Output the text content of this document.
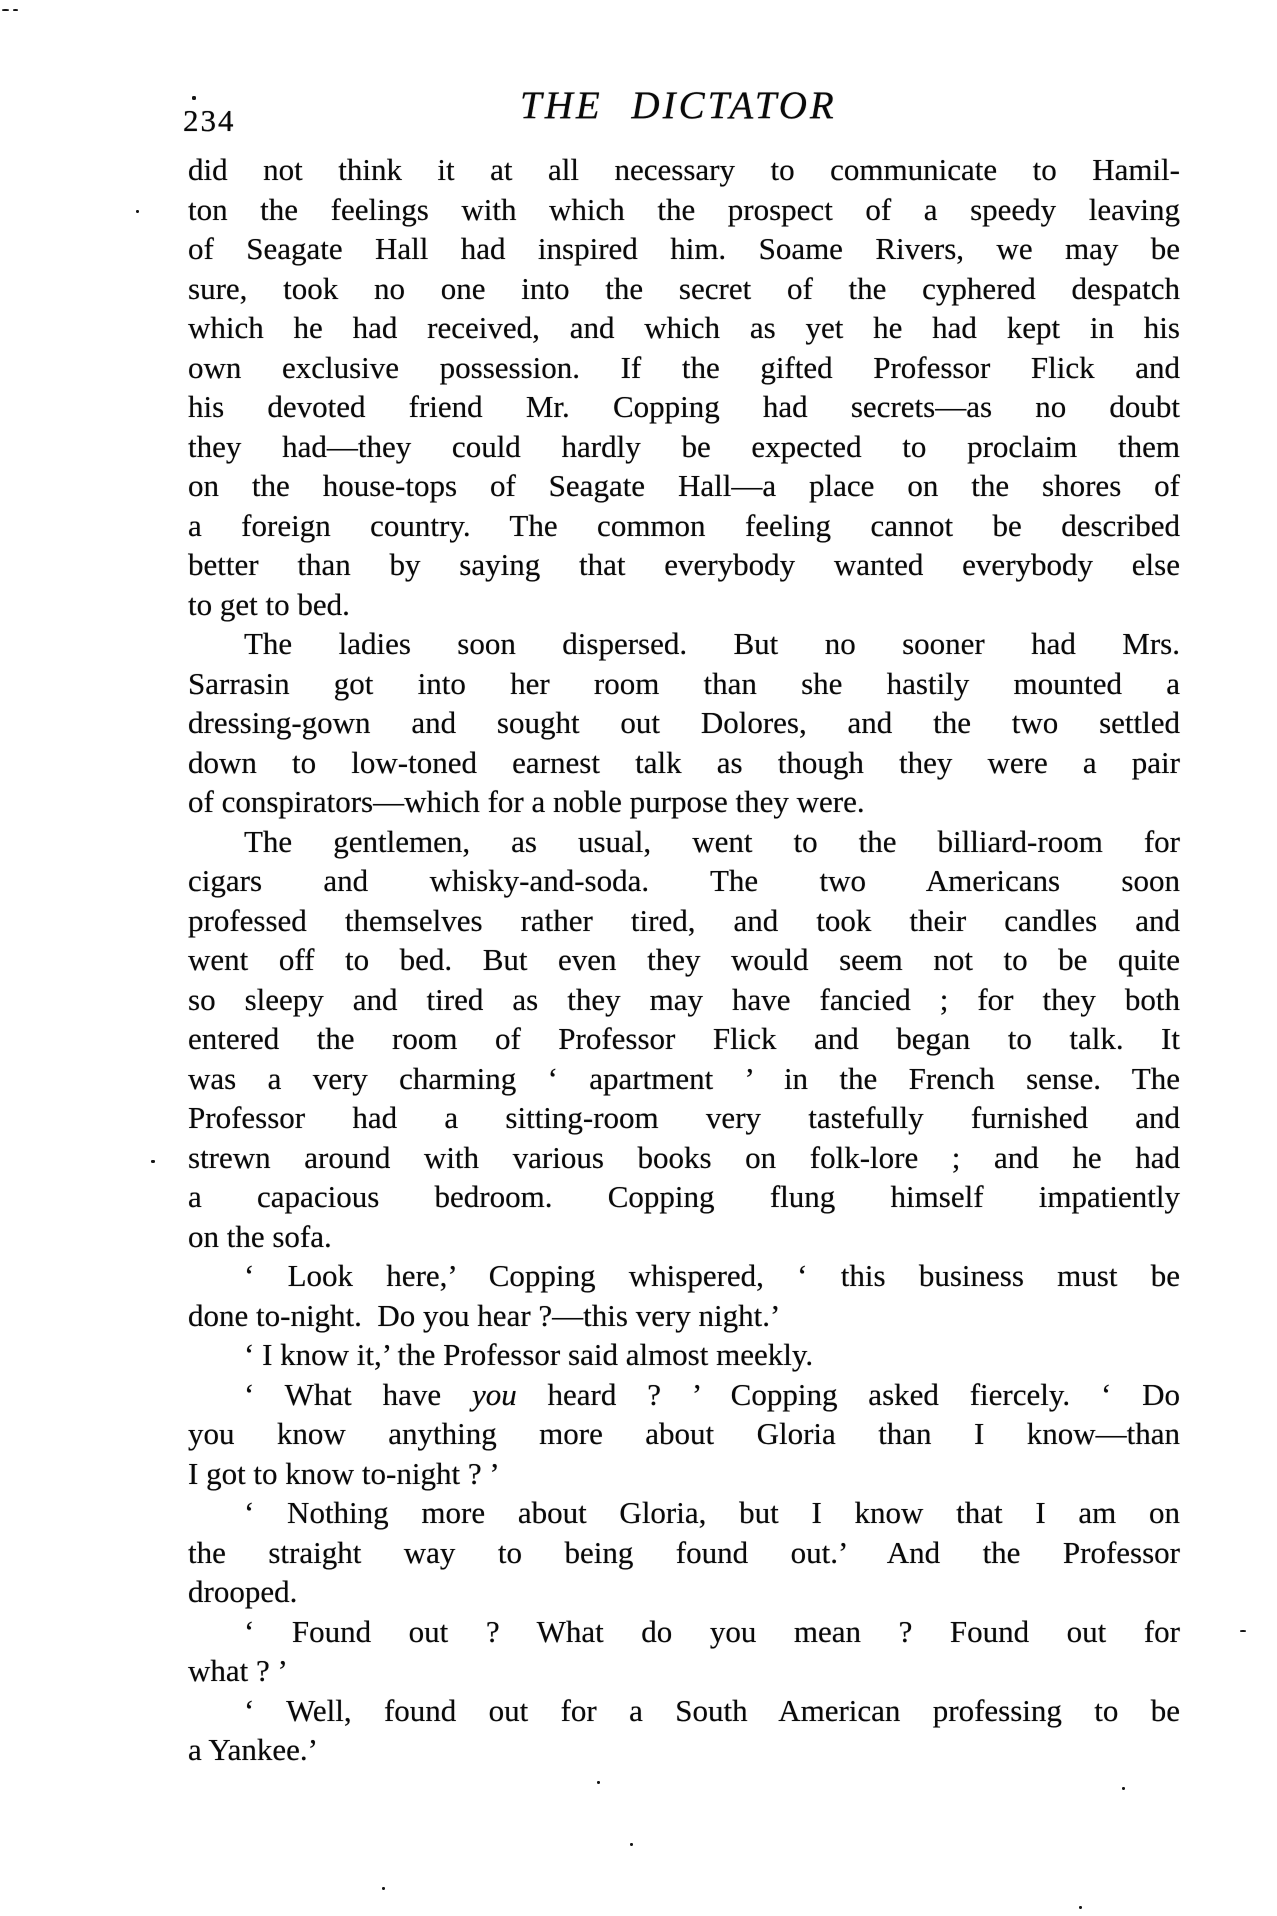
234	THE DICTATOR
did not think it at all necessary to communicate to Hamil-
ton the feelings with which the prospect of a speedy leaving
of Seagate Hall had inspired him. Soame Rivers, we may be
sure, took no one into the secret of the cyphered despatch
which he had received, and which as yet he had kept in his
own exclusive possession. If the gifted Professor Flick and
his devoted friend Mr. Copping had secrets—as no doubt
they had—they could hardly be expected to proclaim them
on the house-tops of Seagate Hall—a place on the shores of
a foreign country. The common feeling cannot be described
better than by saying that everybody wanted everybody else
to get to bed.
The ladies soon dispersed. But no sooner had Mrs.
Sarrasin got into her room than she hastily mounted a
dressing-gown and sought out Dolores, and the two settled
down to low-toned earnest talk as though they were a pair
of conspirators—which for a noble purpose they were.
The gentlemen, as usual, went to the billiard-room for
cigars and whisky-and-soda. The two Americans soon
professed themselves rather tired, and took their candles and
went off to bed. But even they would seem not to be quite
so sleepy and tired as they may have fancied ; for they both
entered the room of Professor Flick and began to talk. It
was a very charming ‘ apartment ’ in the French sense. The
Professor had a sitting-room very tastefully furnished and
strewn around with various books on folk-lore ; and he had
a capacious bedroom. Copping flung himself impatiently
on the sofa.
‘ Look here,’ Copping whispered, ‘ this business must be
done to-night. Do you hear ?—this very night.’
‘ I know it,’ the Professor said almost meekly.
‘ What have you heard ? ’ Copping asked fiercely. ‘ Do
you know anything more about Gloria than I know—than
I got to know to-night ? ’
‘ Nothing more about Gloria, but I know that I am on
the straight way to being found out.’ And the Professor
drooped.
‘ Found out ? What do you mean ? Found out for
what ? ’
‘ Well, found out for a South American professing to be
a Yankee.’
